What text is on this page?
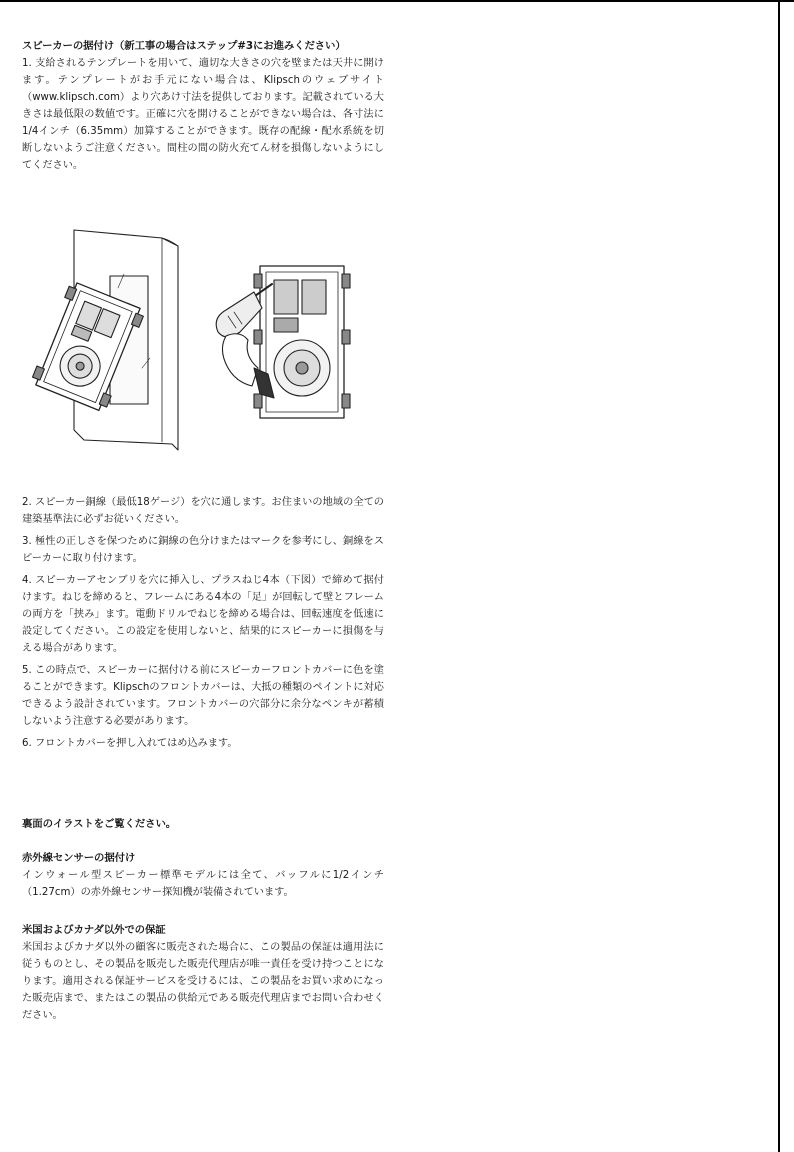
スピーカーの据付け（新工事の場合はステップ#3にお進みください）

1. 支給されるテンプレートを用いて、適切な大きさの穴を壁または天井に開けます。テンプレートがお手元にない場合は、Klipschのウェブサイト（www.klipsch.com）より穴あけ寸法を提供しております。記載されている大きさは最低限の数値です。正確に穴を開けることができない場合は、各寸法に1/4インチ（6.35mm）加算することができます。既存の配線・配水系統を切断しないようご注意ください。間柱の間の防火充てん材を損傷しないようにしてください。

2. スピーカー銅線（最低18ゲージ）を穴に通します。お住まいの地域の全ての建築基準法に必ずお従いください。

3. 極性の正しさを保つために銅線の色分けまたはマークを参考にし、銅線をスピーカーに取り付けます。

4. スピーカーアセンブリを穴に挿入し、プラスねじ4本（下図）で締めて据付けます。ねじを締めると、フレームにある4本の「足」が回転して壁とフレームの両方を「挟み」ます。電動ドリルでねじを締める場合は、回転速度を低速に設定してください。この設定を使用しないと、結果的にスピーカーに損傷を与える場合があります。

5. この時点で、スピーカーに据付ける前にスピーカーフロントカバーに色を塗ることができます。Klipschのフロントカバーは、大抵の種類のペイントに対応できるよう設計されています。フロントカバーの穴部分に余分なペンキが蓄積しないよう注意する必要があります。

6. フロントカバーを押し入れてはめ込みます。

裏面のイラストをご覧ください。
赤外線センサーの据付け

インウォール型スピーカー標準モデルには全て、バッフルに1/2インチ（1.27cm）の赤外線センサー探知機が装備されています。

米国およびカナダ以外での保証

米国およびカナダ以外の顧客に販売された場合に、この製品の保証は適用法に従うものとし、その製品を販売した販売代理店が唯一責任を受け持つことになります。適用される保証サービスを受けるには、この製品をお買い求めになった販売店まで、またはこの製品の供給元である販売代理店までお問い合わせください。
